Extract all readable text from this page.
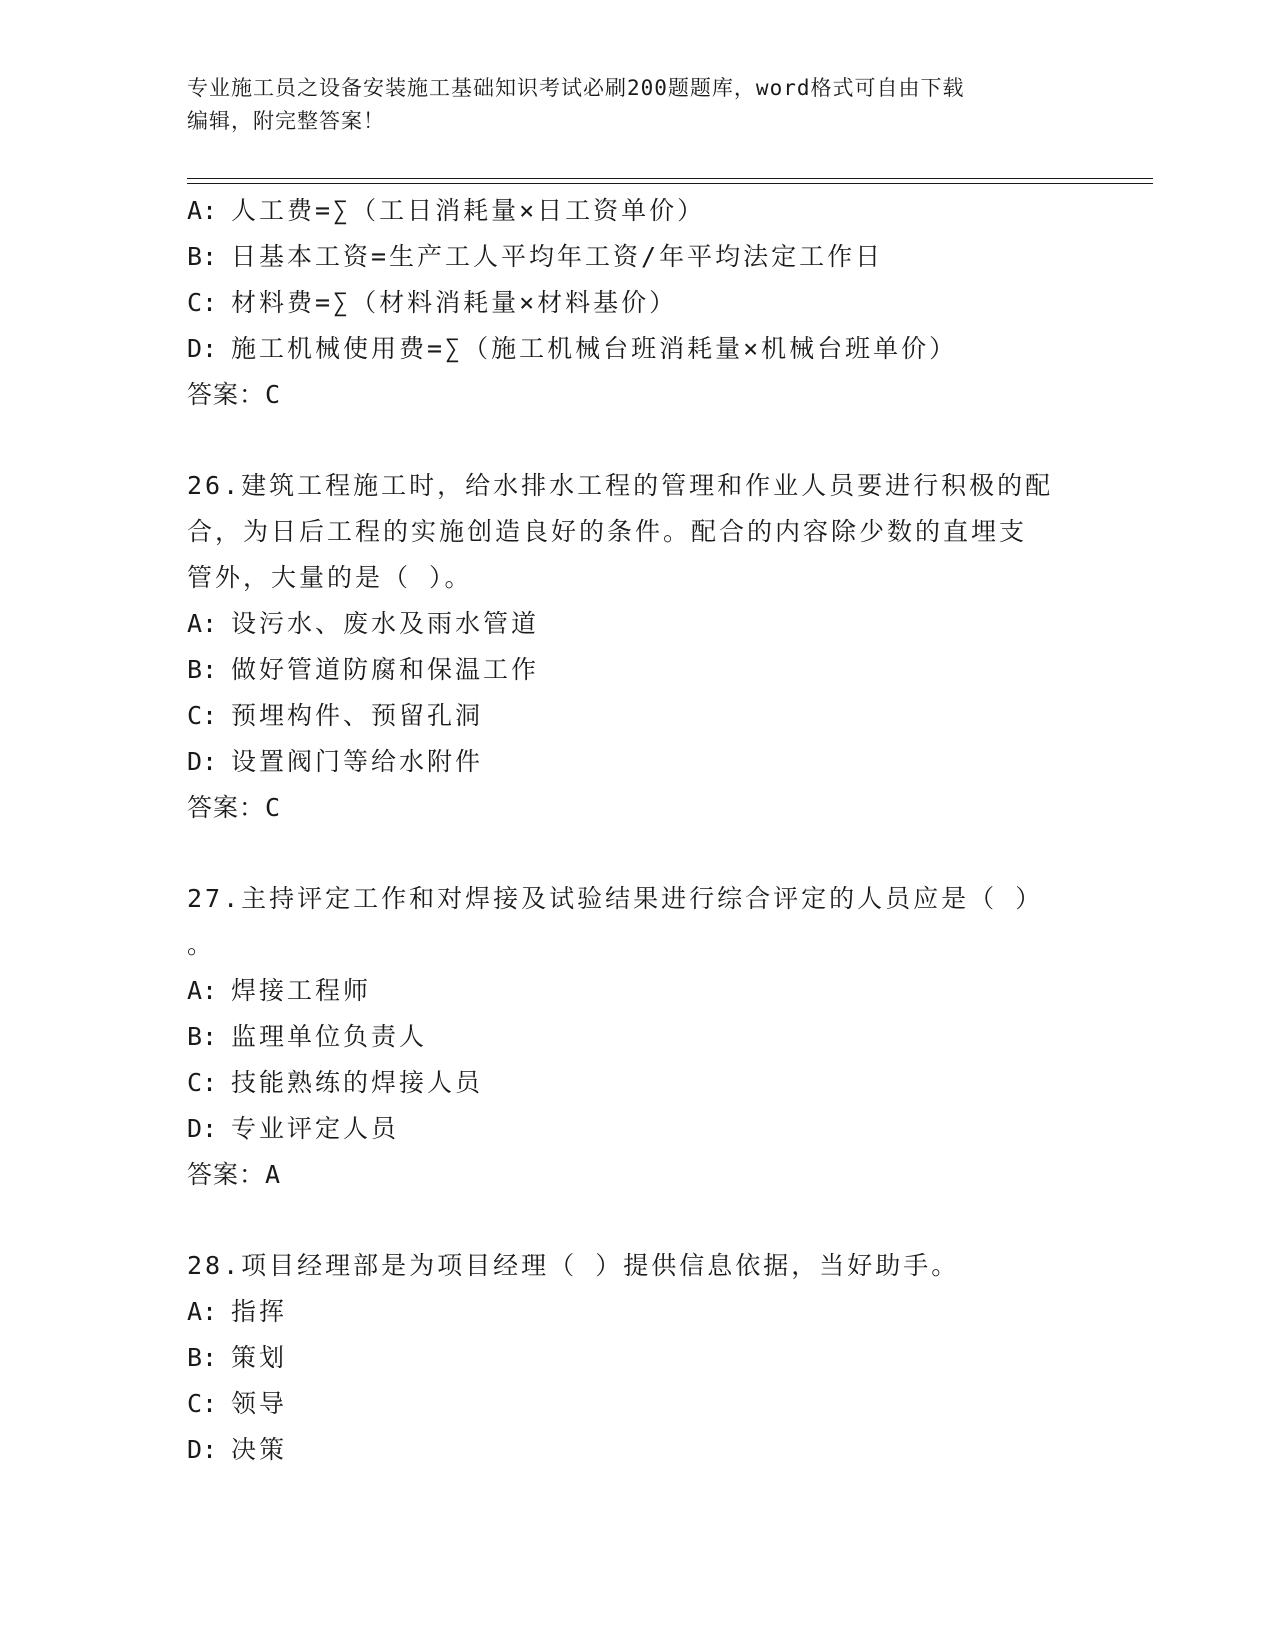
专业施工员之设备安装施工基础知识考试必刷200题题库，word格式可自由下载
编辑，附完整答案！
A: 人工费=∑（工日消耗量×日工资单价）
B: 日基本工资=生产工人平均年工资/年平均法定工作日
C: 材料费=∑（材料消耗量×材料基价）
D: 施工机械使用费=∑（施工机械台班消耗量×机械台班单价）
答案：C
26.建筑工程施工时，给水排水工程的管理和作业人员要进行积极的配
合，为日后工程的实施创造良好的条件。配合的内容除少数的直埋支
管外，大量的是（ ）。
A: 设污水、废水及雨水管道
B: 做好管道防腐和保温工作
C: 预埋构件、预留孔洞
D: 设置阀门等给水附件
答案：C
27.主持评定工作和对焊接及试验结果进行综合评定的人员应是（ ）
。
A: 焊接工程师
B: 监理单位负责人
C: 技能熟练的焊接人员
D: 专业评定人员
答案：A
28.项目经理部是为项目经理（ ）提供信息依据，当好助手。
A: 指挥
B: 策划
C: 领导
D: 决策
